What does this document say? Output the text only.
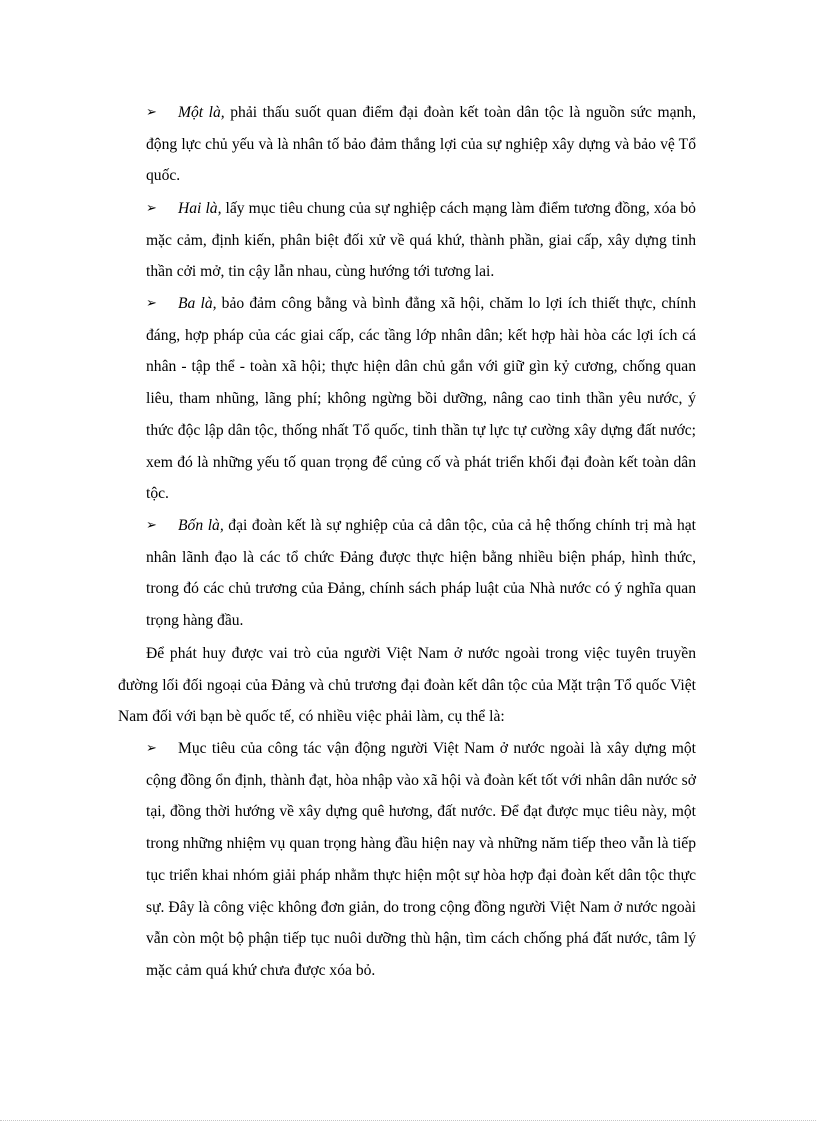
➢	Một là, phải thấu suốt quan điểm đại đoàn kết toàn dân tộc là nguồn sức mạnh, động lực chủ yếu và là nhân tố bảo đảm thắng lợi của sự nghiệp xây dựng và bảo vệ Tổ quốc.

➢	Hai là, lấy mục tiêu chung của sự nghiệp cách mạng làm điểm tương đồng, xóa bỏ mặc cảm, định kiến, phân biệt đối xử về quá khứ, thành phần, giai cấp, xây dựng tinh thần cởi mở, tin cậy lẫn nhau, cùng hướng tới tương lai.

➢	Ba là, bảo đảm công bằng và bình đẳng xã hội, chăm lo lợi ích thiết thực, chính đáng, hợp pháp của các giai cấp, các tầng lớp nhân dân; kết hợp hài hòa các lợi ích cá nhân - tập thể - toàn xã hội; thực hiện dân chủ gắn với giữ gìn kỷ cương, chống quan liêu, tham nhũng, lãng phí; không ngừng bồi dưỡng, nâng cao tinh thần yêu nước, ý thức độc lập dân tộc, thống nhất Tổ quốc, tinh thần tự lực tự cường xây dựng đất nước; xem đó là những yếu tố quan trọng để củng cố và phát triển khối đại đoàn kết toàn dân tộc.

➢	Bốn là, đại đoàn kết là sự nghiệp của cả dân tộc, của cả hệ thống chính trị mà hạt nhân lãnh đạo là các tổ chức Đảng được thực hiện bằng nhiều biện pháp, hình thức, trong đó các chủ trương của Đảng, chính sách pháp luật của Nhà nước có ý nghĩa quan trọng hàng đầu.

Để phát huy được vai trò của người Việt Nam ở nước ngoài trong việc tuyên truyền đường lối đối ngoại của Đảng và chủ trương đại đoàn kết dân tộc của Mặt trận Tổ quốc Việt Nam đối với bạn bè quốc tế, có nhiều việc phải làm, cụ thể là:

➢	Mục tiêu của công tác vận động người Việt Nam ở nước ngoài là xây dựng một cộng đồng ổn định, thành đạt, hòa nhập vào xã hội và đoàn kết tốt với nhân dân nước sở tại, đồng thời hướng về xây dựng quê hương, đất nước. Để đạt được mục tiêu này, một trong những nhiệm vụ quan trọng hàng đầu hiện nay và những năm tiếp theo vẫn là tiếp tục triển khai nhóm giải pháp nhằm thực hiện một sự hòa hợp đại đoàn kết dân tộc thực sự. Đây là công việc không đơn giản, do trong cộng đồng người Việt Nam ở nước ngoài vẫn còn một bộ phận tiếp tục nuôi dưỡng thù hận, tìm cách chống phá đất nước, tâm lý mặc cảm quá khứ chưa được xóa bỏ.
